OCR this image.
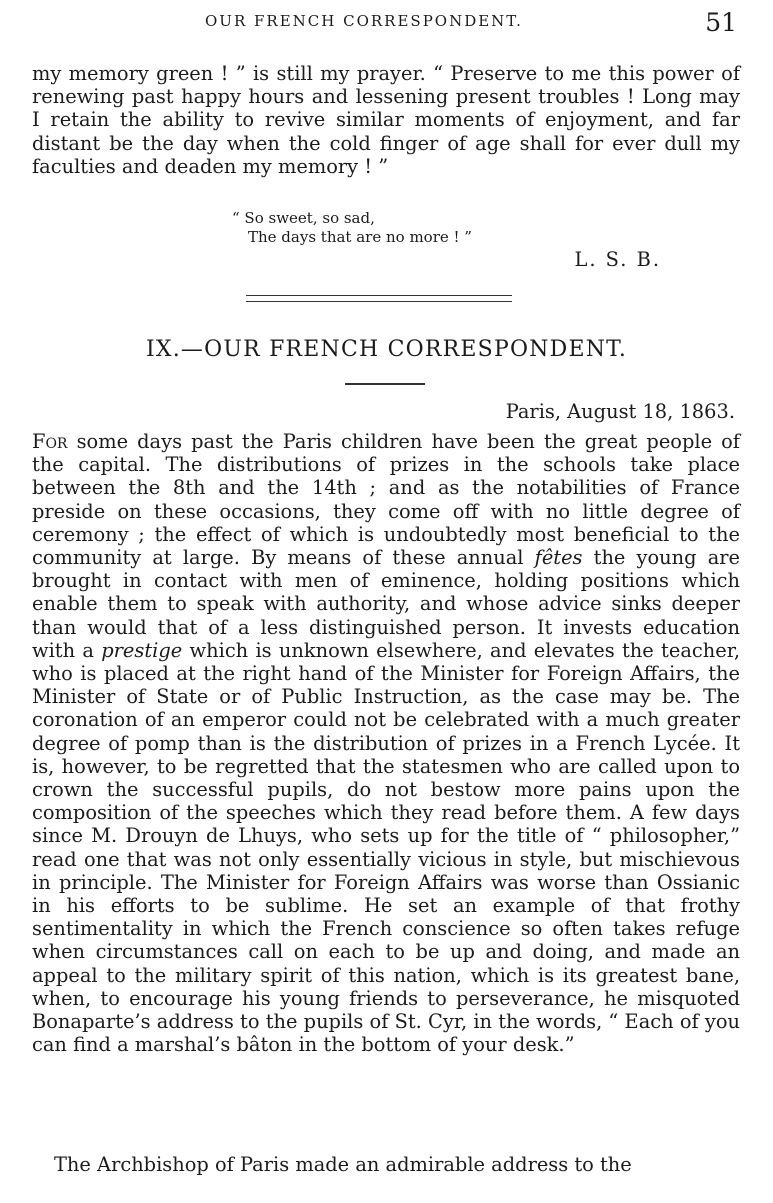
OUR FRENCH CORRESPONDENT.	51

my memory green ! ” is still my prayer. “ Preserve to me this power of renewing past happy hours and lessening present troubles ! Long may I retain the ability to revive similar moments of enjoyment, and far distant be the day when the cold finger of age shall for ever dull my faculties and deaden my memory ! ”

“ So sweet, so sad,
The days that are no more ! ”
L. S. B.
IX.—OUR FRENCH CORRESPONDENT.
Paris, August 18, 1863.

For some days past the Paris children have been the great people of the capital. The distributions of prizes in the schools take place between the 8th and the 14th ; and as the notabilities of France preside on these occasions, they come off with no little degree of ceremony ; the effect of which is undoubtedly most beneficial to the community at large. By means of these annual fêtes the young are brought in contact with men of eminence, holding positions which enable them to speak with authority, and whose advice sinks deeper than would that of a less distinguished person. It invests education with a prestige which is unknown elsewhere, and elevates the teacher, who is placed at the right hand of the Minister for Foreign Affairs, the Minister of State or of Public Instruction, as the case may be. The coronation of an emperor could not be celebrated with a much greater degree of pomp than is the distribution of prizes in a French Lycée. It is, however, to be regretted that the statesmen who are called upon to crown the successful pupils, do not bestow more pains upon the composition of the speeches which they read before them. A few days since M. Drouyn de Lhuys, who sets up for the title of “ philosopher,” read one that was not only essentially vicious in style, but mischievous in principle. The Minister for Foreign Affairs was worse than Ossianic in his efforts to be sublime. He set an example of that frothy sentimentality in which the French conscience so often takes refuge when circumstances call on each to be up and doing, and made an appeal to the military spirit of this nation, which is its greatest bane, when, to encourage his young friends to perseverance, he misquoted Bonaparte’s address to the pupils of St. Cyr, in the words, “ Each of you can find a marshal’s bâton in the bottom of your desk.”

The Archbishop of Paris made an admirable address to the
